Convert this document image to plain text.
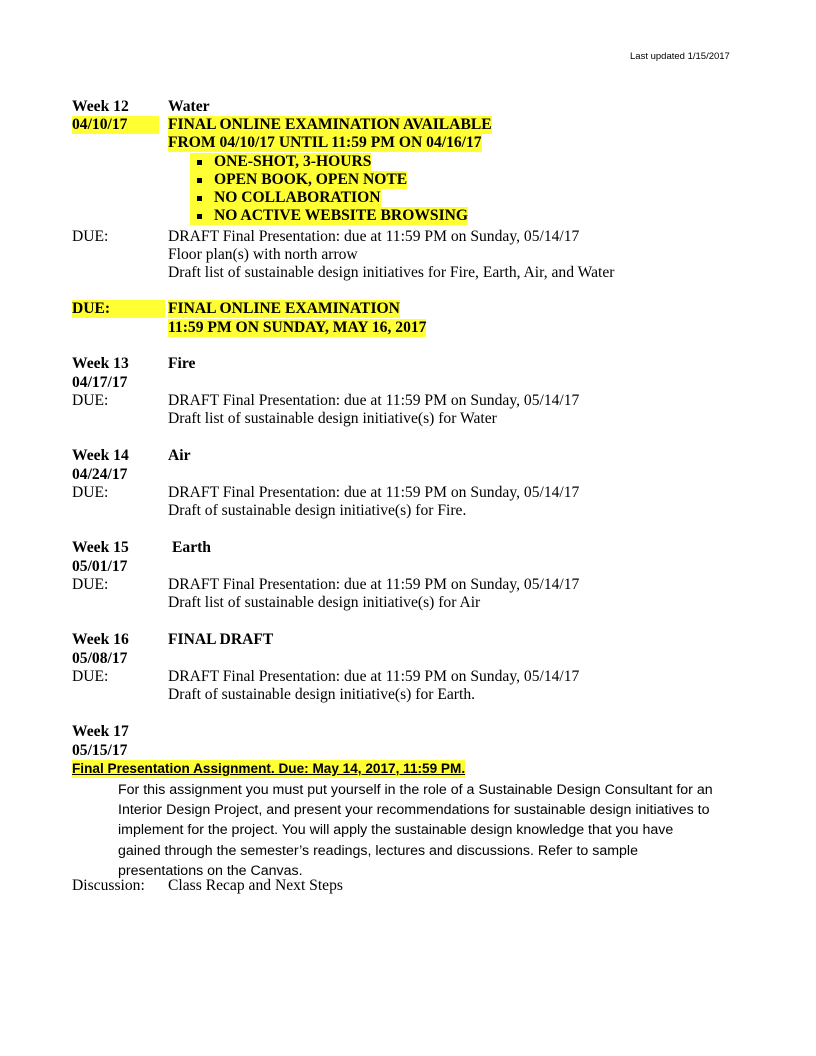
Last updated 1/15/2017
Week 12	Water
04/10/17	FINAL ONLINE EXAMINATION AVAILABLE
FROM 04/10/17 UNTIL 11:59 PM ON 04/16/17
ONE-SHOT, 3-HOURS
OPEN BOOK, OPEN NOTE
NO COLLABORATION
NO ACTIVE WEBSITE BROWSING
DUE:	DRAFT Final Presentation: due at 11:59 PM on Sunday, 05/14/17
Floor plan(s) with north arrow
Draft list of sustainable design initiatives for Fire, Earth, Air, and Water
DUE:	FINAL ONLINE EXAMINATION
11:59 PM ON SUNDAY, MAY 16, 2017
Week 13	Fire
04/17/17
DUE:	DRAFT Final Presentation: due at 11:59 PM on Sunday, 05/14/17
Draft list of sustainable design initiative(s) for Water
Week 14	Air
04/24/17
DUE:	DRAFT Final Presentation: due at 11:59 PM on Sunday, 05/14/17
Draft of sustainable design initiative(s) for Fire.
Week 15	Earth
05/01/17
DUE:	DRAFT Final Presentation: due at 11:59 PM on Sunday, 05/14/17
Draft list of sustainable design initiative(s) for Air
Week 16	FINAL DRAFT
05/08/17
DUE:	DRAFT Final Presentation: due at 11:59 PM on Sunday, 05/14/17
Draft of sustainable design initiative(s) for Earth.
Week 17
05/15/17
Final Presentation Assignment. Due: May 14, 2017, 11:59 PM.
For this assignment you must put yourself in the role of a Sustainable Design Consultant for an
Interior Design Project, and present your recommendations for sustainable design initiatives to
implement for the project. You will apply the sustainable design knowledge that you have
gained through the semester’s readings, lectures and discussions. Refer to sample
presentations on the Canvas.
Discussion: Class Recap and Next Steps
